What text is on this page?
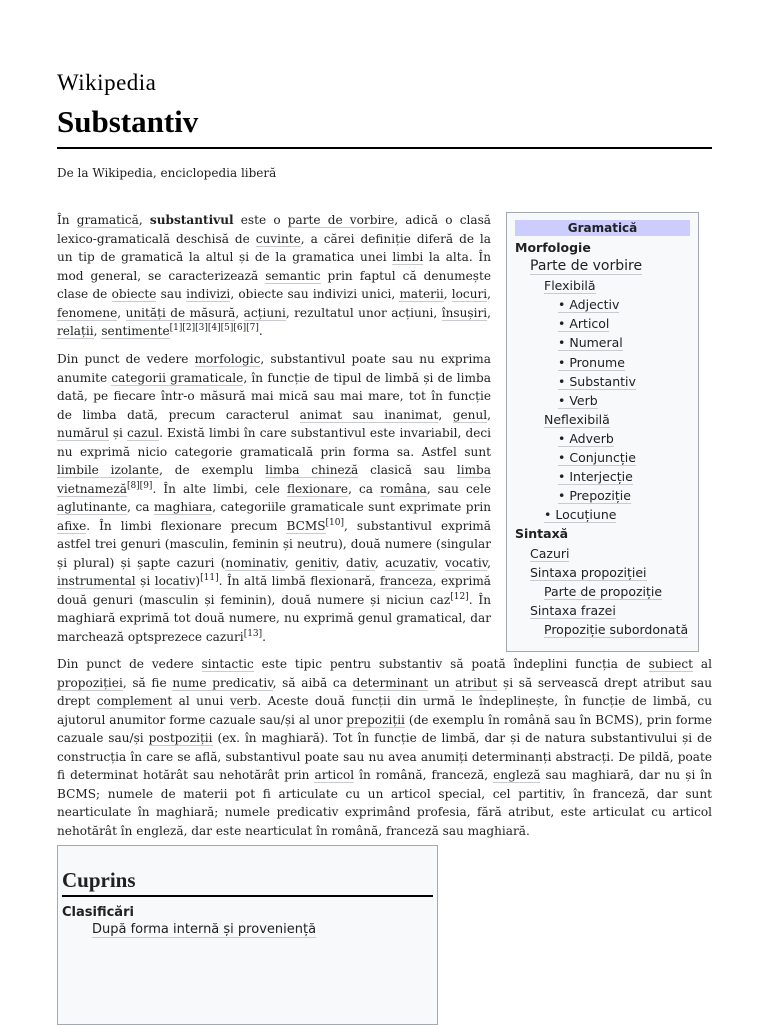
Wikipedia
Substantiv
De la Wikipedia, enciclopedia liberă

În gramatică, substantivul este o parte de vorbire, adică o clasă lexico-gramaticală deschisă de cuvinte, a cărei definiție diferă de la un tip de gramatică la altul și de la gramatica unei limbi la alta. În mod general, se caracterizează semantic prin faptul că denumește clase de obiecte sau indivizi, obiecte sau indivizi unici, materii, locuri, fenomene, unități de măsură, acțiuni, rezultatul unor acțiuni, însușiri, relații, sentimente[1][2][3][4][5][6][7].

Din punct de vedere morfologic, substantivul poate sau nu exprima anumite categorii gramaticale, în funcție de tipul de limbă și de limba dată, pe fiecare într-o măsură mai mică sau mai mare, tot în funcție de limba dată, precum caracterul animat sau inanimat, genul, numărul și cazul. Există limbi în care substantivul este invariabil, deci nu exprimă nicio categorie gramaticală prin forma sa. Astfel sunt limbile izolante, de exemplu limba chineză clasică sau limba vietnameză[8][9]. În alte limbi, cele flexionare, ca româna, sau cele aglutinante, ca maghiara, categoriile gramaticale sunt exprimate prin afixe. În limbi flexionare precum BCMS[10], substantivul exprimă astfel trei genuri (masculin, feminin și neutru), două numere (singular și plural) și șapte cazuri (nominativ, genitiv, dativ, acuzativ, vocativ, instrumental și locativ)[11]. În altă limbă flexionară, franceza, exprimă două genuri (masculin și feminin), două numere și niciun caz[12]. În maghiară exprimă tot două numere, nu exprimă genul gramatical, dar marchează optsprezece cazuri[13].

Din punct de vedere sintactic este tipic pentru substantiv să poată îndeplini funcția de subiect al propoziției, să fie nume predicativ, să aibă ca determinant un atribut și să servească drept atribut sau drept complement al unui verb. Aceste două funcții din urmă le îndeplinește, în funcție de limbă, cu ajutorul anumitor forme cazuale sau/și al unor prepoziții (de exemplu în română sau în BCMS), prin forme cazuale sau/și postpoziții (ex. în maghiară). Tot în funcție de limbă, dar și de natura substantivului și de construcția în care se află, substantivul poate sau nu avea anumiți determinanți abstracți. De pildă, poate fi determinat hotărât sau nehotărât prin articol în română, franceză, engleză sau maghiară, dar nu și în BCMS; numele de materii pot fi articulate cu un articol special, cel partitiv, în franceză, dar sunt nearticulate în maghiară; numele predicativ exprimând profesia, fără atribut, este articulat cu articol nehotărât în engleză, dar este nearticulat în română, franceză sau maghiară.

Gramatică
Morfologie
Parte de vorbire
Flexibilă
• Adjectiv
• Articol
• Numeral
• Pronume
• Substantiv
• Verb
Neflexibilă
• Adverb
• Conjuncție
• Interjecție
• Prepoziție
• Locuțiune
Sintaxă
Cazuri
Sintaxa propoziției
Parte de propoziție
Sintaxa frazei
Propoziție subordonată
Cuprins
Clasificări
După forma internă și proveniență
